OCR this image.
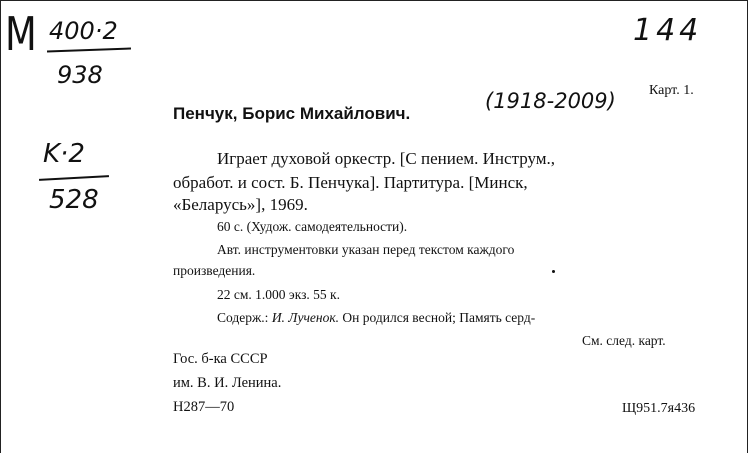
M 400·2
938
144
K·2
528
Пенчук, Борис Михайлович.
(1918-2009) Карт. 1.
Играет духовой оркестр. [С пением. Инструм.,
обработ. и сост. Б. Пенчука]. Партитура. [Минск,
«Беларусь»], 1969.
60 с. (Худож. самодеятельности).
Авт. инструментовки указан перед текстом каждого
произведения.
22 см. 1.000 экз. 55 к.
Содерж.: И. Лученок. Он родился весной; Память серд-
См. след. карт.
Гос. б-ка СССР
им. В. И. Ленина.
Н287—70	Щ951.7я436
